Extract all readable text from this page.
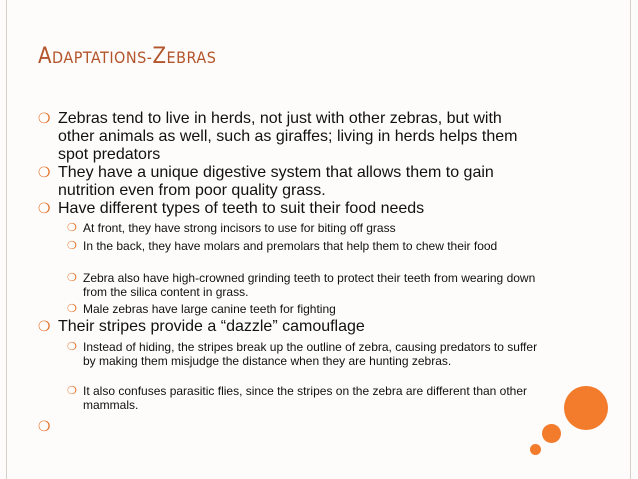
ADAPTATIONS-ZEBRAS
❍ Zebras tend to live in herds, not just with other zebras, but with other animals as well, such as giraffes; living in herds helps them spot predators
❍ They have a unique digestive system that allows them to gain nutrition even from poor quality grass.
❍ Have different types of teeth to suit their food needs
❍ At front, they have strong incisors to use for biting off grass
❍ In the back, they have molars and premolars that help them to chew their food
❍ Zebra also have high-crowned grinding teeth to protect their teeth from wearing down from the silica content in grass.
❍ Male zebras have large canine teeth for fighting
❍ Their stripes provide a “dazzle” camouflage
❍ Instead of hiding, the stripes break up the outline of zebra, causing predators to suffer by making them misjudge the distance when they are hunting zebras.
❍ It also confuses parasitic flies, since the stripes on the zebra are different than other mammals.
❍
